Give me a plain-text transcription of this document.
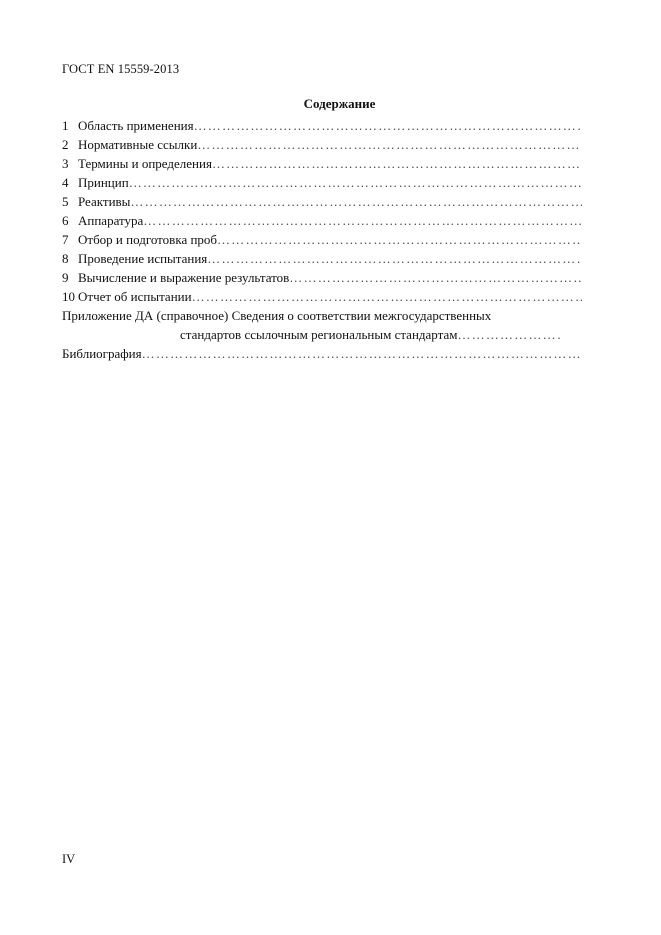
ГОСТ EN 15559-2013
Содержание
1 Область применения
……………………………………………………………………………………………………………………………………
2 Нормативные ссылки
……………………………………………………………………………………………………………………………………
3 Термины и определения
……………………………………………………………………………………………………………………………………
4 Принцип
……………………………………………………………………………………………………………………………………
5 Реактивы
……………………………………………………………………………………………………………………………………
6 Аппаратура
……………………………………………………………………………………………………………………………………
7 Отбор и подготовка проб
……………………………………………………………………………………………………………………………………
8 Проведение испытания
……………………………………………………………………………………………………………………………………
9 Вычисление и выражение результатов
……………………………………………………………………………………………………………………………………
10 Отчет об испытании
……………………………………………………………………………………………………………………………………
Приложение ДА (справочное) Сведения о соответствии межгосударственных
стандартов ссылочным региональным стандартам
……………………………………………………
Библиография
……………………………………………………………………………………………………………………………………
IV
